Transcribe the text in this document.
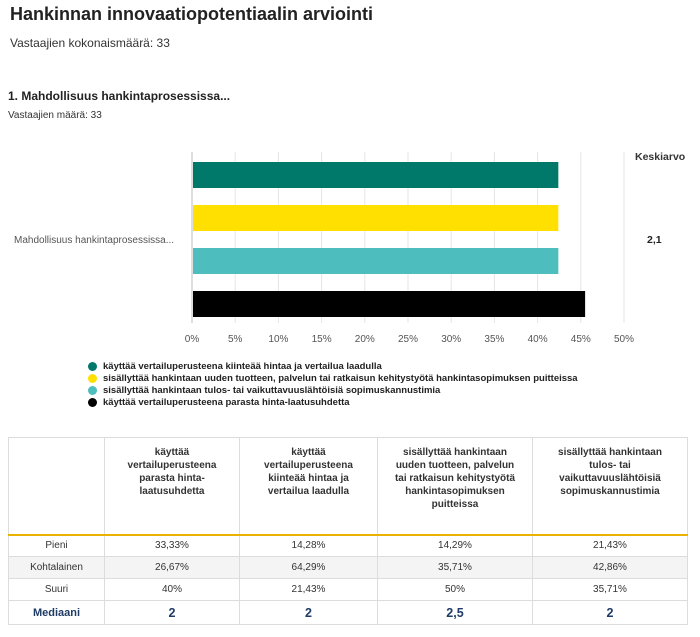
Hankinnan innovaatiopotentiaalin arviointi
Vastaajien kokonaismäärä: 33
1. Mahdollisuus hankintaprosessissa...
Vastaajien määrä: 33
0%	5%	10% 15% 20% 25% 30% 35% 40% 45% 50%
Mahdollisuus hankintaprosessissa...
Keskiarvo
2,1
käyttää vertailuperusteena kiinteää hintaa ja vertailua laadulla
sisällyttää hankintaan uuden tuotteen, palvelun tai ratkaisun kehitystyötä hankintasopimuksen puitteissa
sisällyttää hankintaan tulos- tai vaikuttavuuslähtöisiä sopimuskannustimia
käyttää vertailuperusteena parasta hinta-laatusuhdetta
	käyttää vertailuperusteena parasta hinta-laatusuhdetta	käyttää vertailuperusteena kiinteää hintaa ja vertailua laadulla	sisällyttää hankintaan uuden tuotteen, palvelun tai ratkaisun kehitystyötä hankintasopimuksen puitteissa	sisällyttää hankintaan tulos- tai vaikuttavuuslähtöisiä sopimuskannustimia
Pieni	33,33%	14,28%	14,29%	21,43%
Kohtalainen	26,67%	64,29%	35,71%	42,86%
Suuri	40%	21,43%	50%	35,71%
Mediaani	2	2	2,5	2
